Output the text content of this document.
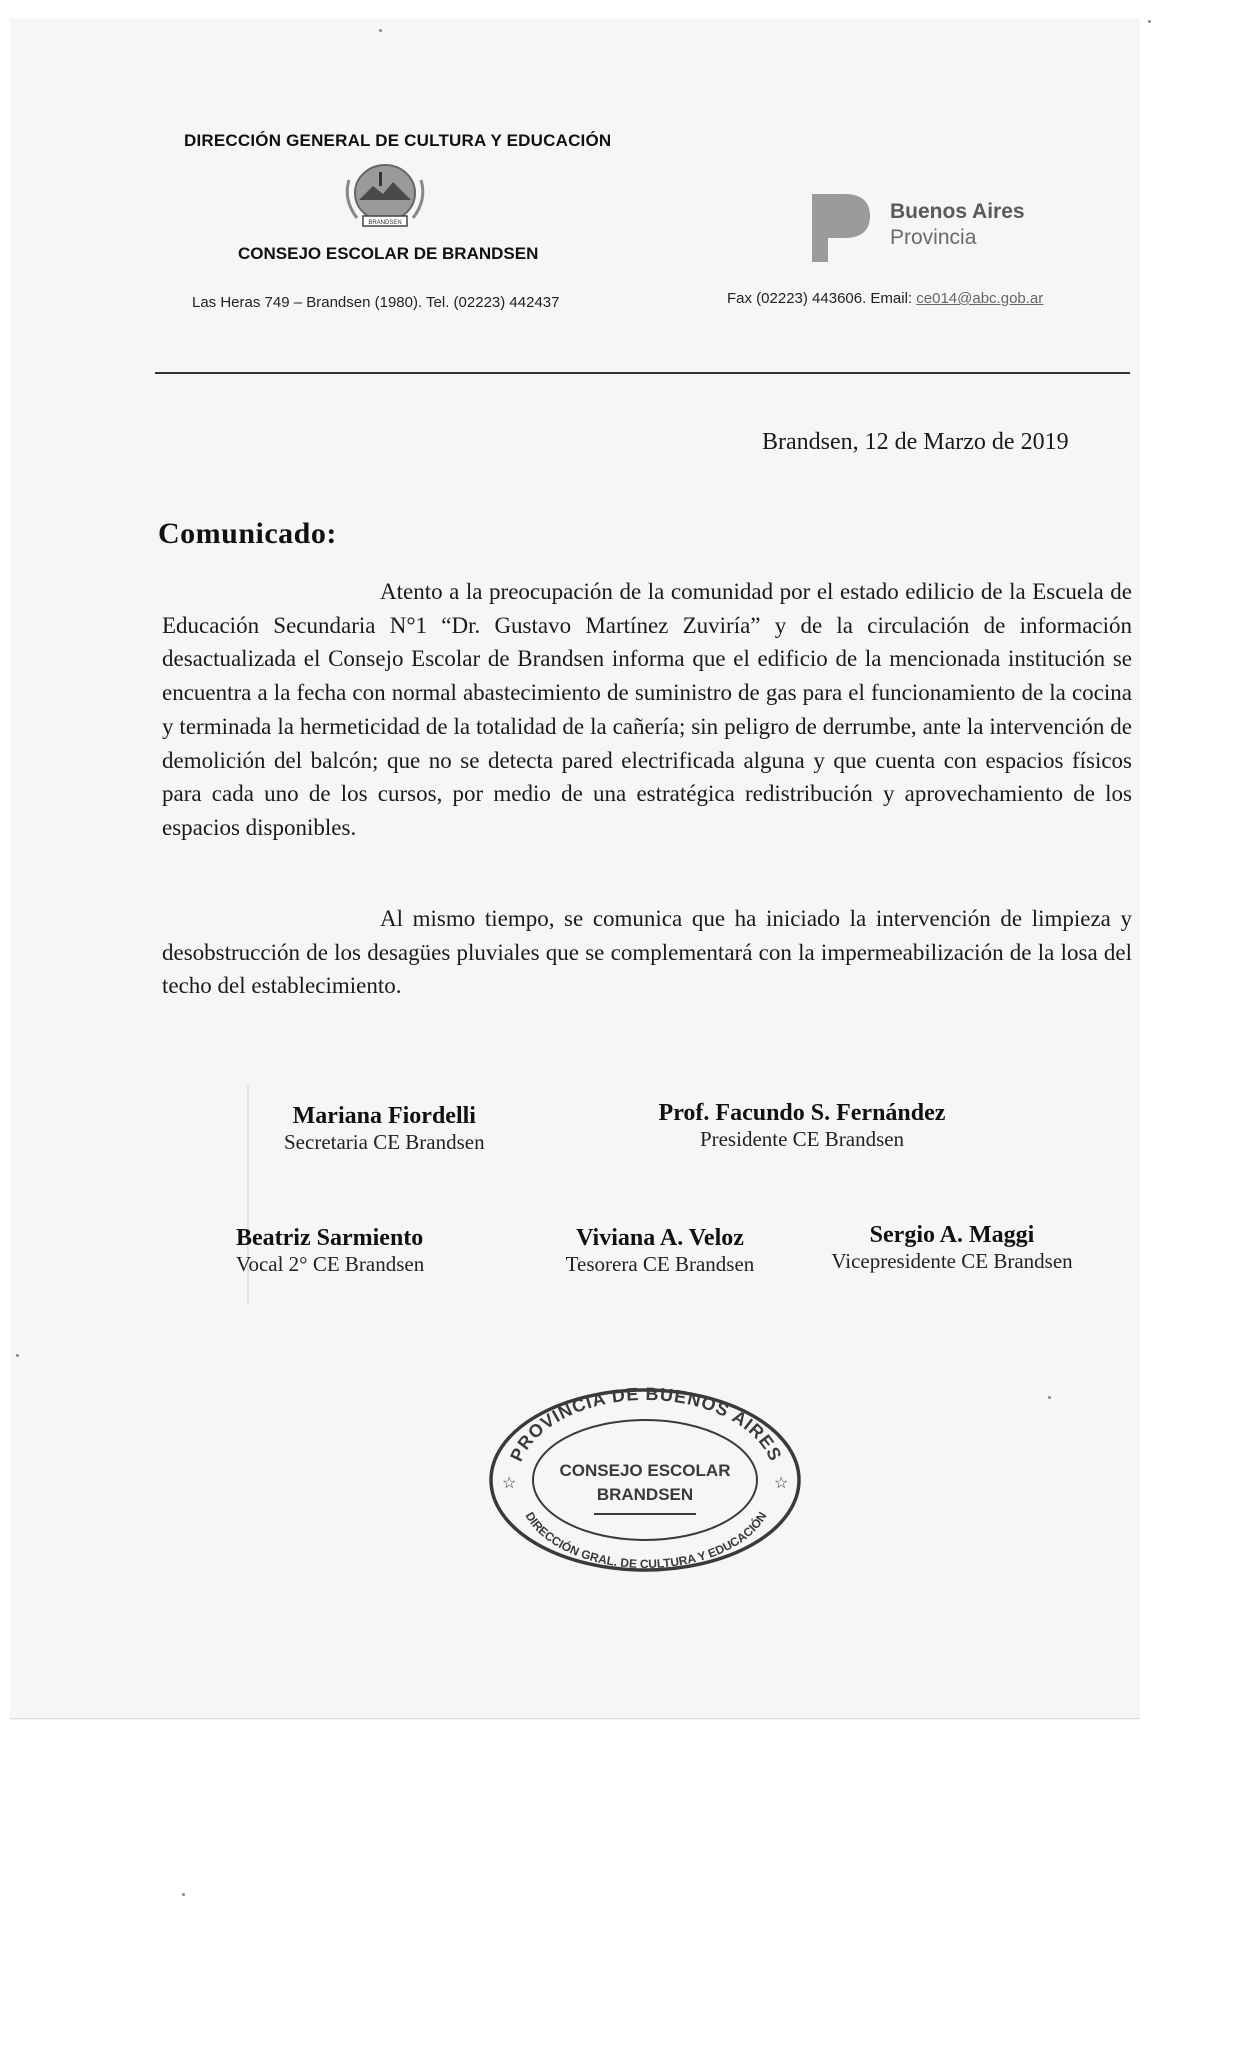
DIRECCIÓN GENERAL DE CULTURA Y EDUCACIÓN
BRANDSEN
CONSEJO ESCOLAR DE BRANDSEN
Las Heras 749 – Brandsen (1980). Tel. (02223) 442437	Fax (02223) 443606. Email: ce014@abc.gob.ar
Buenos Aires
Provincia
Brandsen, 12 de Marzo de 2019
Comunicado:

Atento a la preocupación de la comunidad por el estado edilicio de la Escuela de Educación Secundaria N°1 “Dr. Gustavo Martínez Zuviría” y de la circulación de información desactualizada el Consejo Escolar de Brandsen informa que el edificio de la mencionada institución se encuentra a la fecha con normal abastecimiento de suministro de gas para el funcionamiento de la cocina y terminada la hermeticidad de la totalidad de la cañería; sin peligro de derrumbe, ante la intervención de demolición del balcón; que no se detecta pared electrificada alguna y que cuenta con espacios físicos para cada uno de los cursos, por medio de una estratégica redistribución y aprovechamiento de los espacios disponibles.

Al mismo tiempo, se comunica que ha iniciado la intervención de limpieza y desobstrucción de los desagües pluviales que se complementará con la impermeabilización de la losa del techo del establecimiento.

Mariana Fiordelli
Secretaria CE Brandsen
Prof. Facundo S. Fernández
Presidente CE Brandsen
Beatriz Sarmiento
Vocal 2° CE Brandsen
Viviana A. Veloz
Tesorera CE Brandsen
Sergio A. Maggi
Vicepresidente CE Brandsen
PROVINCIA DE BUENOS AIRES
DIRECCIÓN GRAL. DE CULTURA Y EDUCACIÓN
CONSEJO ESCOLAR
BRANDSEN
☆	☆
